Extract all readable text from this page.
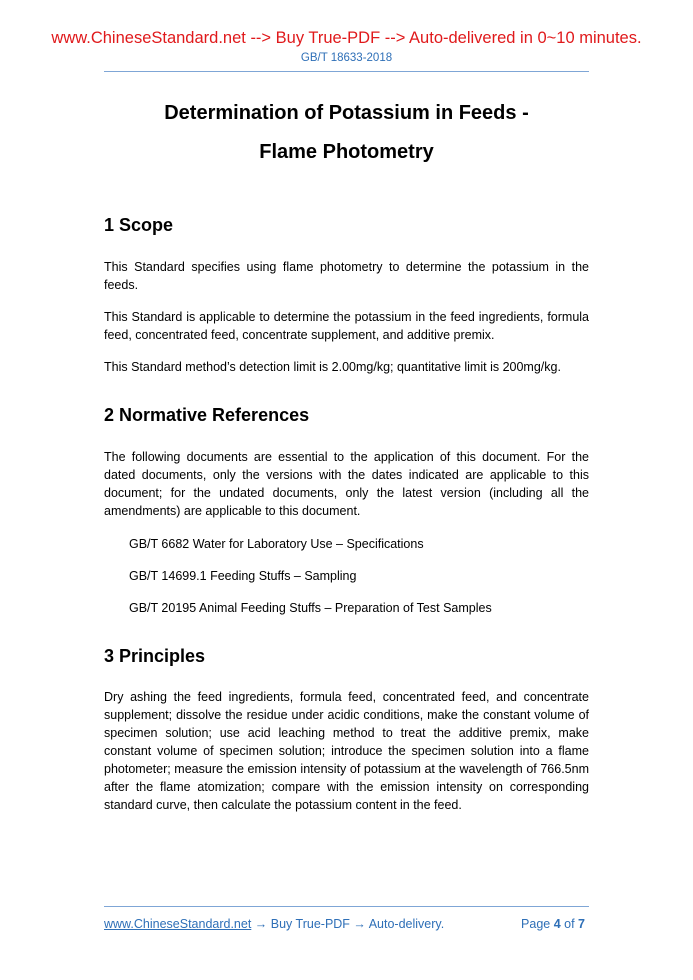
www.ChineseStandard.net --> Buy True-PDF --> Auto-delivered in 0~10 minutes.
GB/T 18633-2018
Determination of Potassium in Feeds -
Flame Photometry
1 Scope

This Standard specifies using flame photometry to determine the potassium in the feeds.

This Standard is applicable to determine the potassium in the feed ingredients, formula feed, concentrated feed, concentrate supplement, and additive premix.

This Standard method’s detection limit is 2.00mg/kg; quantitative limit is 200mg/kg.

2 Normative References

The following documents are essential to the application of this document. For the dated documents, only the versions with the dates indicated are applicable to this document; for the undated documents, only the latest version (including all the amendments) are applicable to this document.

GB/T 6682 Water for Laboratory Use – Specifications

GB/T 14699.1 Feeding Stuffs – Sampling

GB/T 20195 Animal Feeding Stuffs – Preparation of Test Samples

3 Principles

Dry ashing the feed ingredients, formula feed, concentrated feed, and concentrate supplement; dissolve the residue under acidic conditions, make the constant volume of specimen solution; use acid leaching method to treat the additive premix, make constant volume of specimen solution; introduce the specimen solution into a flame photometer; measure the emission intensity of potassium at the wavelength of 766.5nm after the flame atomization; compare with the emission intensity on corresponding standard curve, then calculate the potassium content in the feed.

www.ChineseStandard.net → Buy True-PDF → Auto-delivery.	Page 4 of 7
